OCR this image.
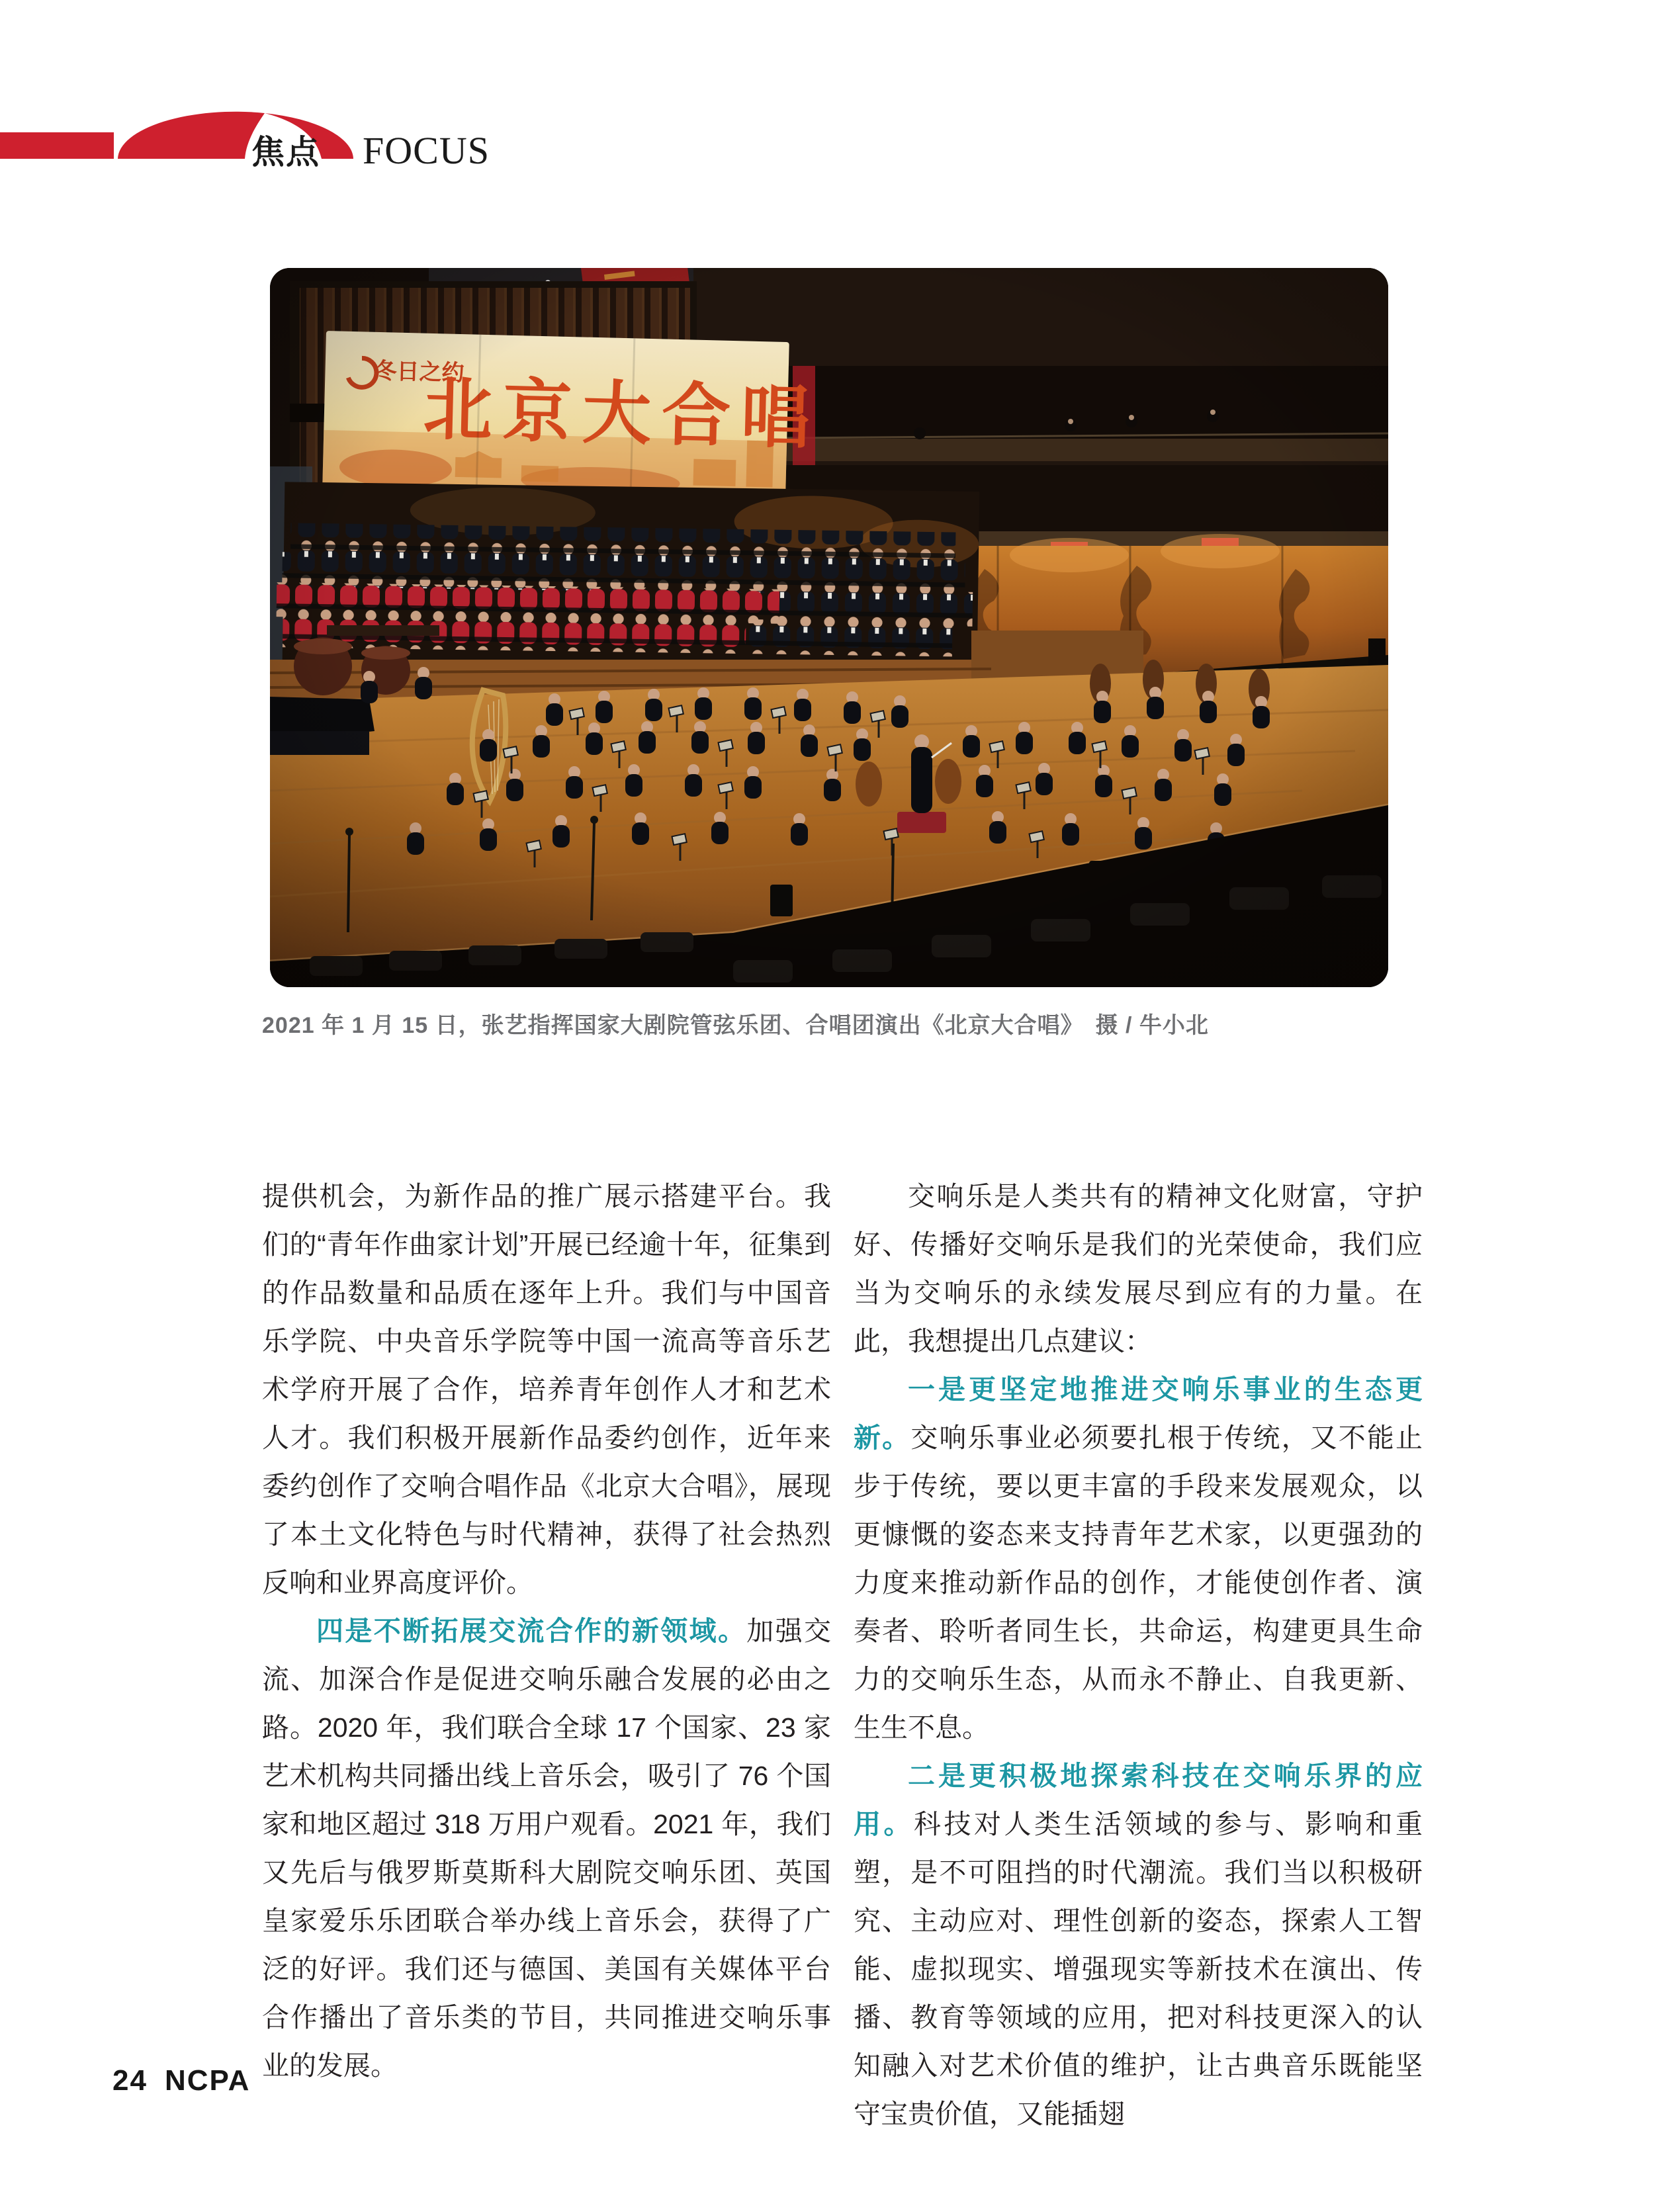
焦点 FOCUS
2021 年 1 月 15 日，张艺指挥国家大剧院管弦乐团、合唱团演出《北京大合唱》　摄 / 牛小北

提供机会，为新作品的推广展示搭建平台。我们的“青年作曲家计划”开展已经逾十年，征集到的作品数量和品质在逐年上升。我们与中国音乐学院、中央音乐学院等中国一流高等音乐艺术学府开展了合作，培养青年创作人才和艺术人才。我们积极开展新作品委约创作，近年来委约创作了交响合唱作品《北京大合唱》，展现了本土文化特色与时代精神，获得了社会热烈反响和业界高度评价。

四是不断拓展交流合作的新领域。加强交流、加深合作是促进交响乐融合发展的必由之路。2020 年，我们联合全球 17 个国家、23 家艺术机构共同播出线上音乐会，吸引了 76 个国家和地区超过 318 万用户观看。2021 年，我们又先后与俄罗斯莫斯科大剧院交响乐团、英国皇家爱乐乐团联合举办线上音乐会，获得了广泛的好评。我们还与德国、美国有关媒体平台合作播出了音乐类的节目，共同推进交响乐事业的发展。

交响乐是人类共有的精神文化财富，守护好、传播好交响乐是我们的光荣使命，我们应当为交响乐的永续发展尽到应有的力量。在此，我想提出几点建议：

一是更坚定地推进交响乐事业的生态更新。交响乐事业必须要扎根于传统，又不能止步于传统，要以更丰富的手段来发展观众，以更慷慨的姿态来支持青年艺术家，以更强劲的力度来推动新作品的创作，才能使创作者、演奏者、聆听者同生长，共命运，构建更具生命力的交响乐生态，从而永不静止、自我更新、生生不息。

二是更积极地探索科技在交响乐界的应用。科技对人类生活领域的参与、影响和重塑，是不可阻挡的时代潮流。我们当以积极研究、主动应对、理性创新的姿态，探索人工智能、虚拟现实、增强现实等新技术在演出、传播、教育等领域的应用，把对科技更深入的认知融入对艺术价值的维护，让古典音乐既能坚守宝贵价值，又能插翅

24 NCPA
